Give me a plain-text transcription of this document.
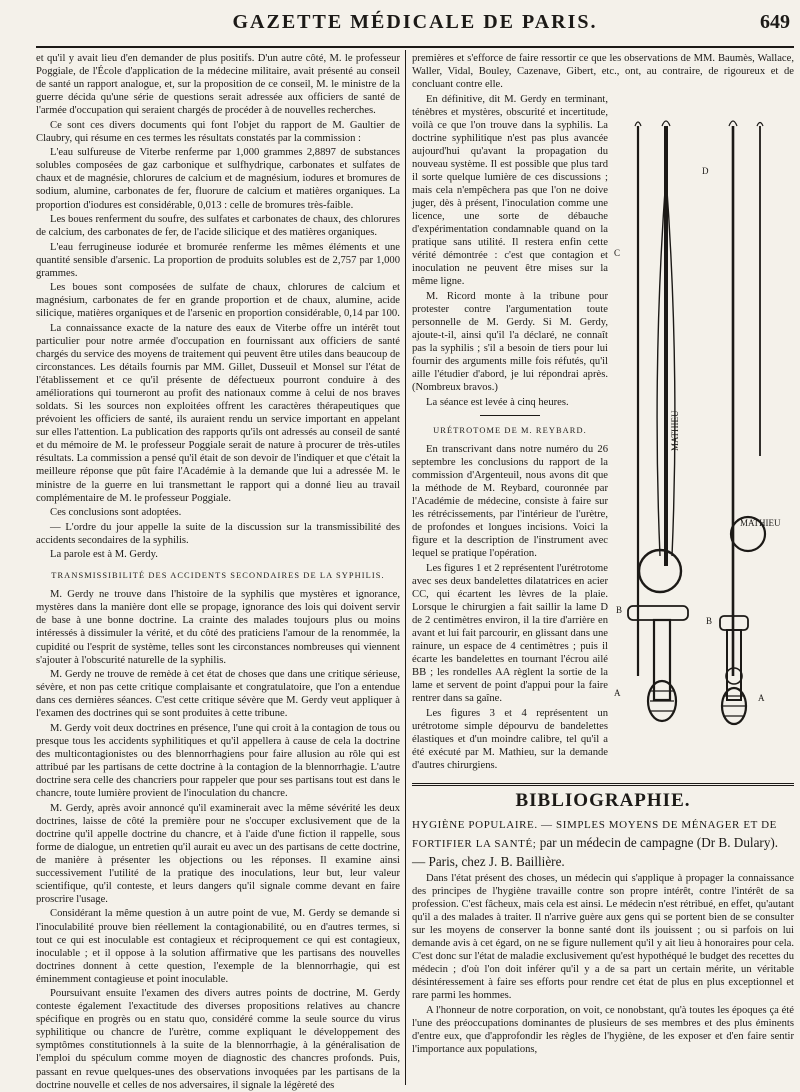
GAZETTE MÉDICALE DE PARIS.	649

et qu'il y avait lieu d'en demander de plus positifs. D'un autre côté, M. le professeur Poggiale, de l'École d'application de la médecine militaire, avait présenté au conseil de santé un rapport analogue, et, sur la proposition de ce conseil, M. le ministre de la guerre décida qu'une série de questions serait adressée aux officiers de santé de l'armée d'occupation qui seraient chargés de procéder à de nouvelles recherches.

Ce sont ces divers documents qui font l'objet du rapport de M. Gaultier de Claubry, qui résume en ces termes les résultats constatés par la commission :

L'eau sulfureuse de Viterbe renferme par 1,000 grammes 2,8897 de substances solubles composées de gaz carbonique et sulfhydrique, carbonates et sulfates de chaux et de magnésie, chlorures de calcium et de magnésium, iodures et bromures de sodium, alumine, carbonates de fer, fluorure de calcium et matières organiques. La proportion d'iodures est considérable, 0,013 : celle de bromures très-faible.

Les boues renferment du soufre, des sulfates et carbonates de chaux, des chlorures de calcium, des carbonates de fer, de l'acide silicique et des matières organiques.

L'eau ferrugineuse iodurée et bromurée renferme les mêmes éléments et une quantité sensible d'arsenic. La proportion de produits solubles est de 2,757 par 1,000 grammes.

Les boues sont composées de sulfate de chaux, chlorures de calcium et magnésium, carbonates de fer en grande proportion et de chaux, alumine, acide silicique, matières organiques et de l'arsenic en proportion considérable, 0,14 par 100.

La connaissance exacte de la nature des eaux de Viterbe offre un intérêt tout particulier pour notre armée d'occupation en fournissant aux officiers de santé chargés du service des moyens de traitement qui peuvent être utiles dans beaucoup de circonstances. Les détails fournis par MM. Gillet, Dusseuil et Monsel sur l'état de l'établissement et ce qu'il présente de défectueux pourront conduire à des améliorations qui tourneront au profit des nationaux comme à celui de nos braves soldats. Si les sources non exploitées offrent les caractères thérapeutiques que prévoient les officiers de santé, ils auraient rendu un service important en appelant sur elles l'attention. La publication des rapports qu'ils ont adressés au conseil de santé et du mémoire de M. le professeur Poggiale serait de nature à procurer de très-utiles résultats. La commission a pensé qu'il était de son devoir de l'indiquer et que c'était la meilleure réponse que pût faire l'Académie à la demande que lui a adressée M. le ministre de la guerre en lui transmettant le rapport qui a donné lieu au travail complémentaire de M. le professeur Poggiale.

Ces conclusions sont adoptées.

— L'ordre du jour appelle la suite de la discussion sur la transmissibilité des accidents secondaires de la syphilis.

La parole est à M. Gerdy.

TRANSMISSIBILITÉ DES ACCIDENTS SECONDAIRES DE LA SYPHILIS.

M. Gerdy ne trouve dans l'histoire de la syphilis que mystères et ignorance, mystères dans la manière dont elle se propage, ignorance des lois qui doivent servir de base à une bonne doctrine. La crainte des malades toujours plus ou moins intéressés à dissimuler la vérité, et du côté des praticiens l'amour de la renommée, la cupidité ou l'esprit de système, telles sont les circonstances nombreuses qui viennent s'ajouter à l'obscurité naturelle de la syphilis.

M. Gerdy ne trouve de remède à cet état de choses que dans une critique sérieuse, sévère, et non pas cette critique complaisante et congratulatoire, que l'on a entendue dans ces dernières séances. C'est cette critique sévère que M. Gerdy veut appliquer à l'examen des doctrines qui se sont produites à cette tribune.

M. Gerdy voit deux doctrines en présence, l'une qui croit à la contagion de tous ou presque tous les accidents syphilitiques et qu'il appellera à cause de cela la doctrine des multicontagionistes ou des blennorrhagiens pour faire allusion au rôle qui est attribué par les partisans de cette doctrine à la contagion de la blennorrhagie. L'autre doctrine sera celle des chancriers pour rappeler que pour ses partisans tout est dans le chancre, toute lumière provient de l'inoculation du chancre.

M. Gerdy, après avoir annoncé qu'il examinerait avec la même sévérité les deux doctrines, laisse de côté la première pour ne s'occuper exclusivement que de la doctrine qu'il appelle doctrine du chancre, et à l'aide d'une fiction il rappelle, sous forme de dialogue, un entretien qu'il aurait eu avec un des partisans de cette doctrine, de manière à présenter les objections ou les réponses. Il examine ainsi successivement l'utilité de la pratique des inoculations, leur but, leur valeur scientifique, qu'il conteste, et leurs dangers qu'il signale comme devant en faire proscrire l'usage.

Considérant la même question à un autre point de vue, M. Gerdy se demande si l'inoculabilité prouve bien réellement la contagionabilité, ou en d'autres termes, si tout ce qui est inoculable est contagieux et réciproquement ce qui est contagieux, inoculable ; et il oppose à la solution affirmative que les partisans des nouvelles doctrines donnent à cette question, l'exemple de la blennorrhagie, qui est éminemment contagieuse et point inoculable.

Poursuivant ensuite l'examen des divers autres points de doctrine, M. Gerdy conteste également l'exactitude des diverses propositions relatives au chancre spécifique en progrès ou en statu quo, considéré comme la seule source du virus syphilitique ou chancre de l'urètre, comme expliquant le développement des symptômes constitutionnels à la suite de la blennorrhagie, à la généralisation de l'emploi du spéculum comme moyen de diagnostic des chancres profonds. Puis, passant en revue quelques-unes des observations invoquées par les partisans de la doctrine nouvelle et celles de nos adversaires, il signale la légèreté des

premières et s'efforce de faire ressortir ce que les observations de MM. Baumès, Wallace, Waller, Vidal, Bouley, Cazenave, Gibert, etc., ont, au contraire, de rigoureux et de concluant contre elle.

En définitive, dit M. Gerdy en terminant, ténèbres et mystères, obscurité et incertitude, voilà ce que l'on trouve dans la syphilis. La doctrine syphilitique n'est pas plus avancée aujourd'hui qu'avant la propagation du nouveau système. Il est possible que plus tard il sorte quelque lumière de ces discussions ; mais cela n'empêchera pas que l'on ne doive juger, dès à présent, l'inoculation comme une licence, une sorte de débauche d'expérimentation condamnable quand on la pratique sans utilité. Il restera enfin cette vérité démontrée : c'est que contagion et inoculation ne peuvent être mises sur la même ligne.

M. Ricord monte à la tribune pour protester contre l'argumentation toute personnelle de M. Gerdy. Si M. Gerdy, ajoute-t-il, ainsi qu'il l'a déclaré, ne connaît pas la syphilis ; s'il a besoin de tiers pour lui fournir des arguments mille fois réfutés, qu'il aille l'étudier d'abord, je lui répondrai après. (Nombreux bravos.)

La séance est levée à cinq heures.

URÉTROTOME DE M. REYBARD.

En transcrivant dans notre numéro du 26 septembre les conclusions du rapport de la commission d'Argenteuil, nous avons dit que la méthode de M. Reybard, couronnée par l'Académie de médecine, consiste à faire sur les rétrécissements, par l'intérieur de l'urètre, de profondes et longues incisions. Voici la figure et la description de l'instrument avec lequel se pratique l'opération.

Les figures 1 et 2 représentent l'urétrotome avec ses deux bandelettes dilatatrices en acier CC, qui écartent les lèvres de la plaie. Lorsque le chirurgien a fait saillir la lame D de 2 centimètres environ, il la tire d'arrière en avant et lui fait parcourir, en glissant dans une rainure, un espace de 4 centimètres ; puis il écarte les bandelettes en tournant l'écrou ailé BB ; les rondelles AA règlent la sortie de la lame et servent de point d'appui pour la faire rentrer dans sa gaîne.

Les figures 3 et 4 représentent un urétrotome simple dépourvu de bandelettes élastiques et d'un moindre calibre, tel qu'il a été exécuté par M. Mathieu, sur la demande d'autres chirurgiens.

BIBLIOGRAPHIE.

HYGIÈNE POPULAIRE. — SIMPLES MOYENS DE MÉNAGER ET DE FORTIFIER LA SANTÉ; par un médecin de campagne (Dr B. Dulary). — Paris, chez J. B. Baillière.

Dans l'état présent des choses, un médecin qui s'applique à propager la connaissance des principes de l'hygiène travaille contre son propre intérêt, contre l'intérêt de sa profession. C'est fâcheux, mais cela est ainsi. Le médecin n'est rétribué, en effet, qu'autant qu'il a des malades à traiter. Il n'arrive guère aux gens qui se portent bien de se consulter sur les moyens de conserver la bonne santé dont ils jouissent ; ou si parfois on lui demande avis à cet égard, on ne se figure nullement qu'il y ait lieu à honoraires pour cela. C'est donc sur l'état de maladie exclusivement qu'est hypothéqué le budget des recettes du médecin ; d'où l'on doit inférer qu'il y a de sa part un certain mérite, un véritable désintéressement à faire ses efforts pour rendre cet état de plus en plus exceptionnel et rare parmi les hommes.

A l'honneur de notre corporation, on voit, ce nonobstant, qu'à toutes les époques ça été l'une des préoccupations dominantes de plusieurs de ses membres et des plus éminents d'entre eux, que d'approfondir les règles de l'hygiène, de les exposer et d'en faire sentir l'importance aux populations,

MATHIEU
MATHIEU
C
D
B
A
B
A
